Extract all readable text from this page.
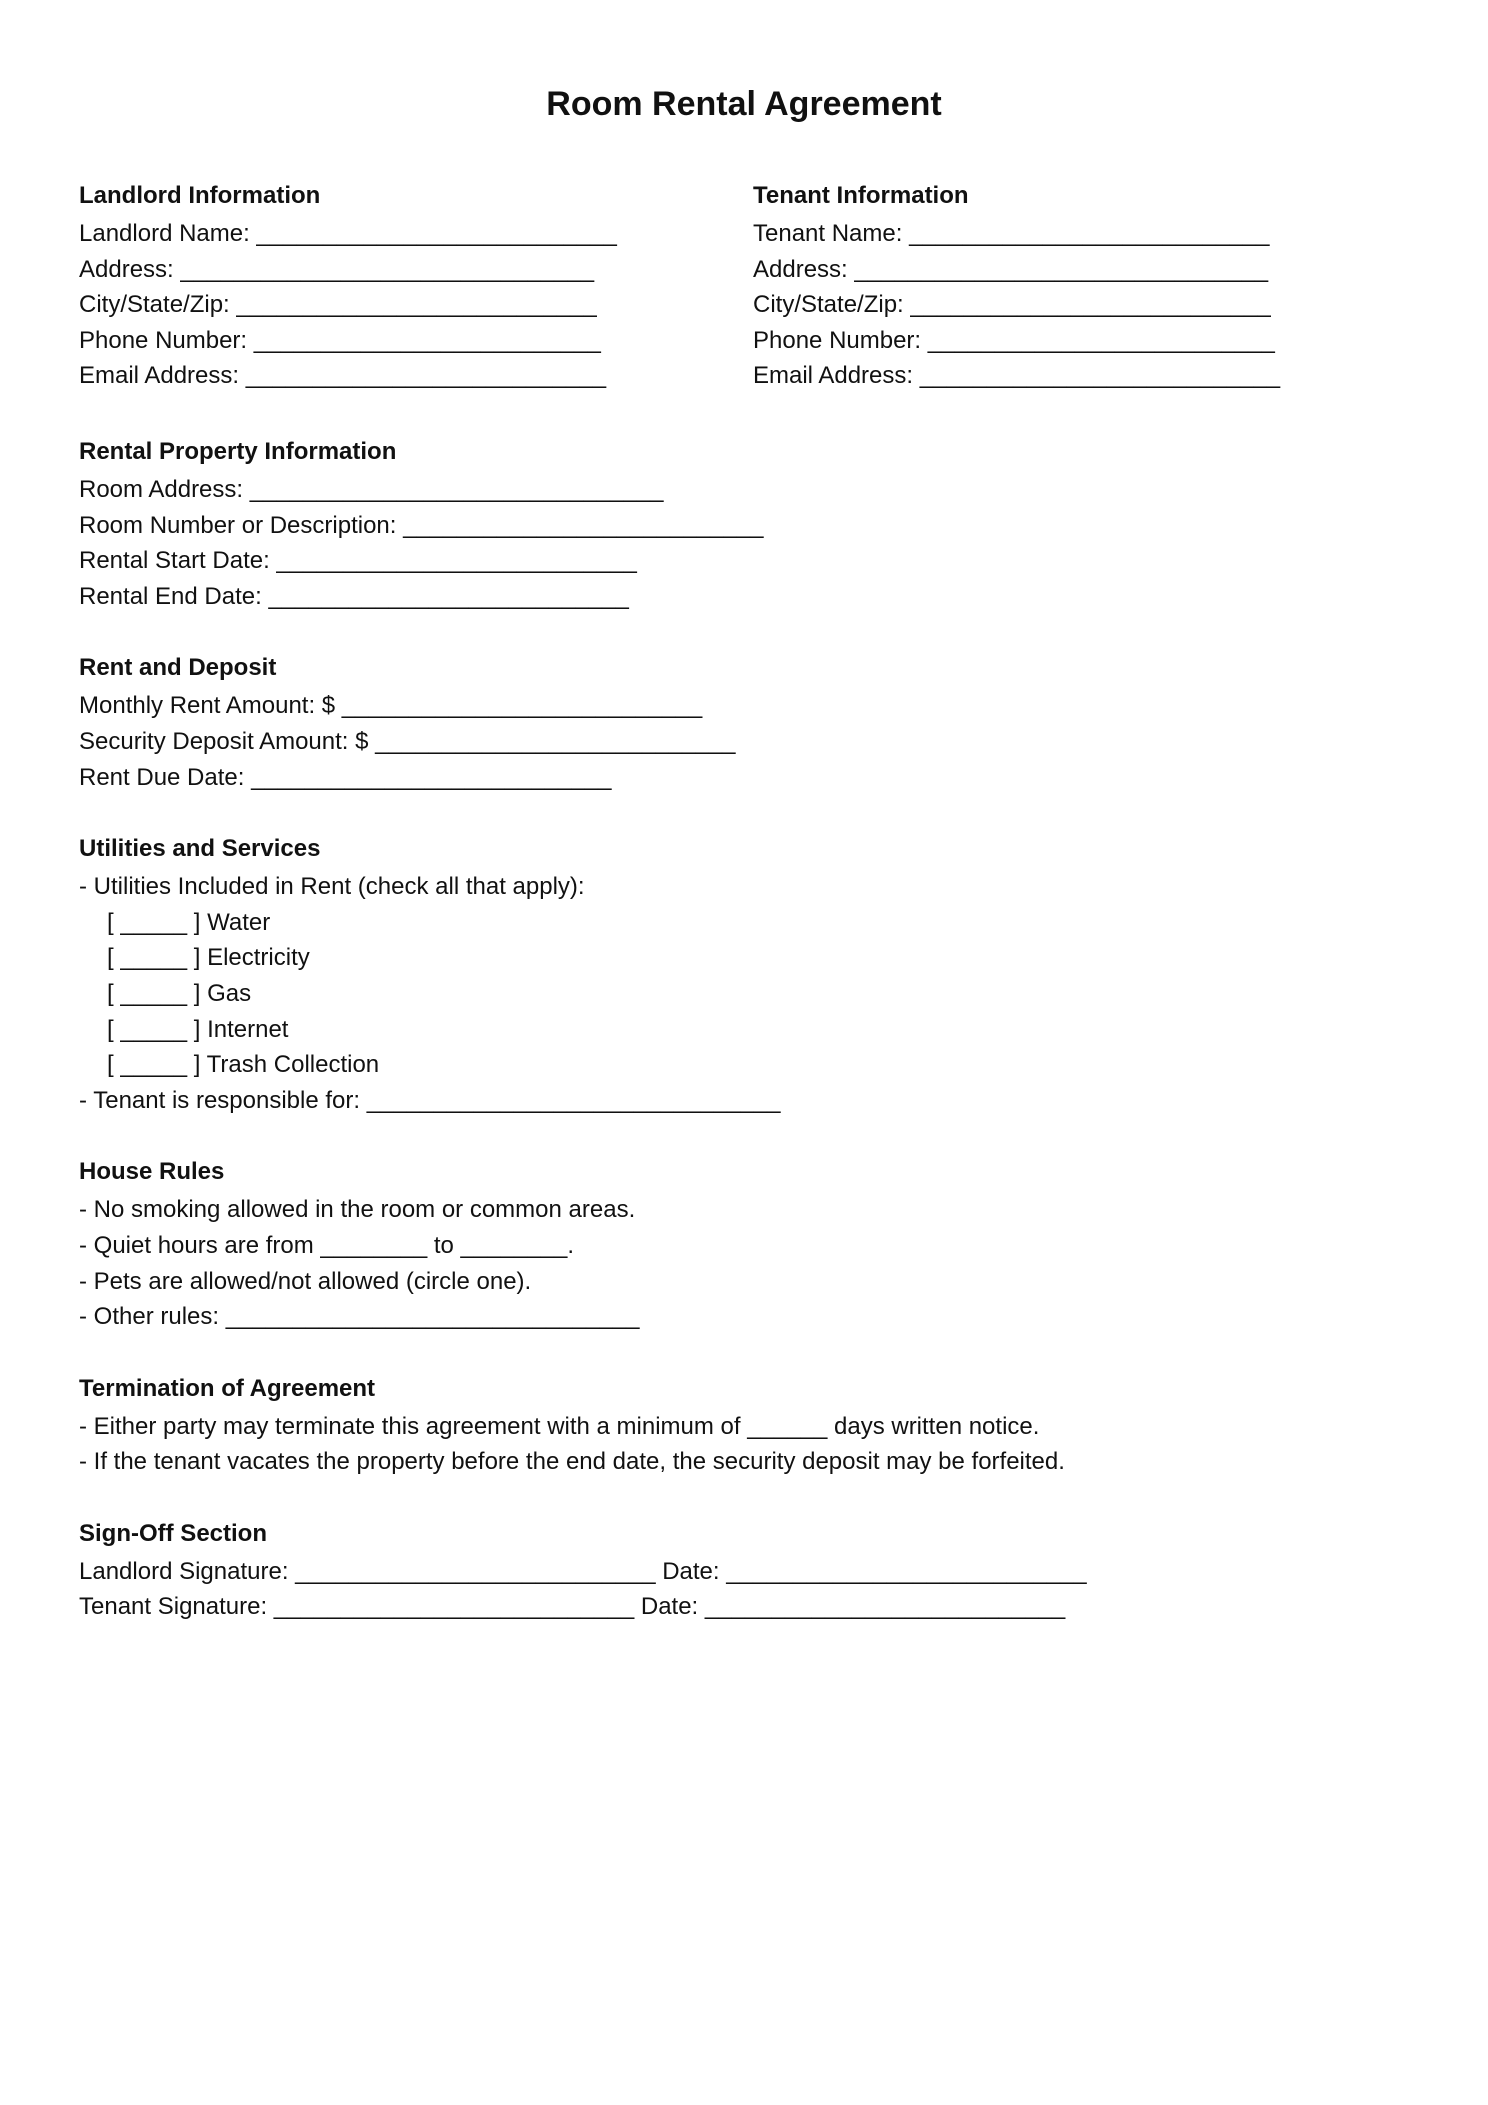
Room Rental Agreement
Landlord Information
Landlord Name: ___________________________
Address: _______________________________
City/State/Zip: ___________________________
Phone Number: __________________________
Email Address: ___________________________
Tenant Information
Tenant Name: ___________________________
Address: _______________________________
City/State/Zip: ___________________________
Phone Number: __________________________
Email Address: ___________________________
Rental Property Information
Room Address: _______________________________
Room Number or Description: ___________________________
Rental Start Date: ___________________________
Rental End Date: ___________________________
Rent and Deposit
Monthly Rent Amount: $ ___________________________
Security Deposit Amount: $ ___________________________
Rent Due Date: ___________________________
Utilities and Services
- Utilities Included in Rent (check all that apply):
[ _____ ] Water
[ _____ ] Electricity
[ _____ ] Gas
[ _____ ] Internet
[ _____ ] Trash Collection
- Tenant is responsible for: _______________________________
House Rules
- No smoking allowed in the room or common areas.
- Quiet hours are from ________ to ________.
- Pets are allowed/not allowed (circle one).
- Other rules: _______________________________
Termination of Agreement
- Either party may terminate this agreement with a minimum of ______ days written notice.
- If the tenant vacates the property before the end date, the security deposit may be forfeited.
Sign-Off Section
Landlord Signature: ___________________________ Date: ___________________________
Tenant Signature: ___________________________ Date: ___________________________
